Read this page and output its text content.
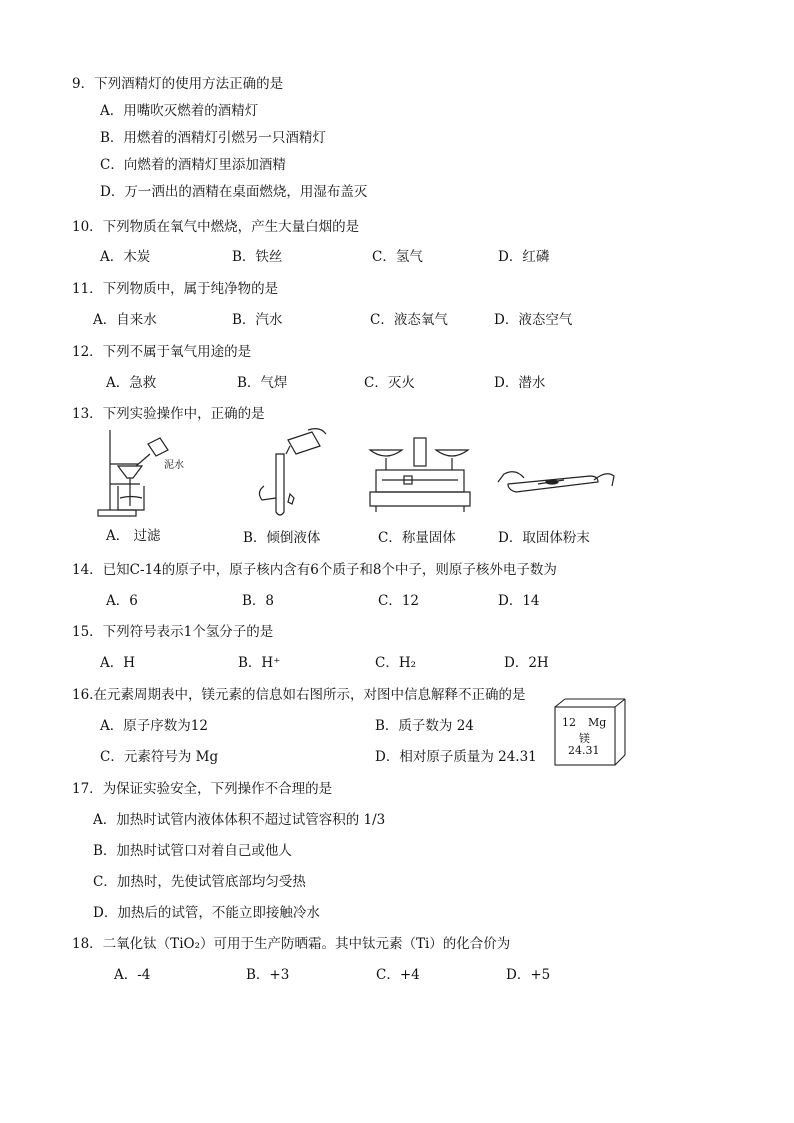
9．下列酒精灯的使用方法正确的是
A．用嘴吹灭燃着的酒精灯
B．用燃着的酒精灯引燃另一只酒精灯
C．向燃着的酒精灯里添加酒精
D．万一洒出的酒精在桌面燃烧，用湿布盖灭
10．下列物质在氧气中燃烧，产生大量白烟的是
A．木炭	B．铁丝	C．氢气	D．红磷
11．下列物质中，属于纯净物的是
A．自来水	B．汽水	C．液态氧气	D．液态空气
12．下列不属于氧气用途的是
A．急救	B．气焊	C．灭火	D．潜水
13．下列实验操作中，正确的是
泥水
A． 过滤	B．倾倒液体	C．称量固体	D．取固体粉末
14．已知C-14的原子中，原子核内含有6个质子和8个中子，则原子核外电子数为
A．6	B．8	C．12	D．14
15．下列符号表示1个氢分子的是
A．H	B．H⁺	C．H₂	D．2H
16.在元素周期表中，镁元素的信息如右图所示，对图中信息解释不正确的是
A．原子序数为12	B．质子数为 24
C．元素符号为 Mg	D．相对原子质量为 24.31
12 Mg
镁
24.31
17．为保证实验安全，下列操作不合理的是
A．加热时试管内液体体积不超过试管容积的 1/3
B．加热时试管口对着自己或他人
C．加热时，先使试管底部均匀受热
D．加热后的试管，不能立即接触冷水
18．二氧化钛（TiO₂）可用于生产防晒霜。其中钛元素（Ti）的化合价为
A．-4	B．+3	C．+4	D．+5
